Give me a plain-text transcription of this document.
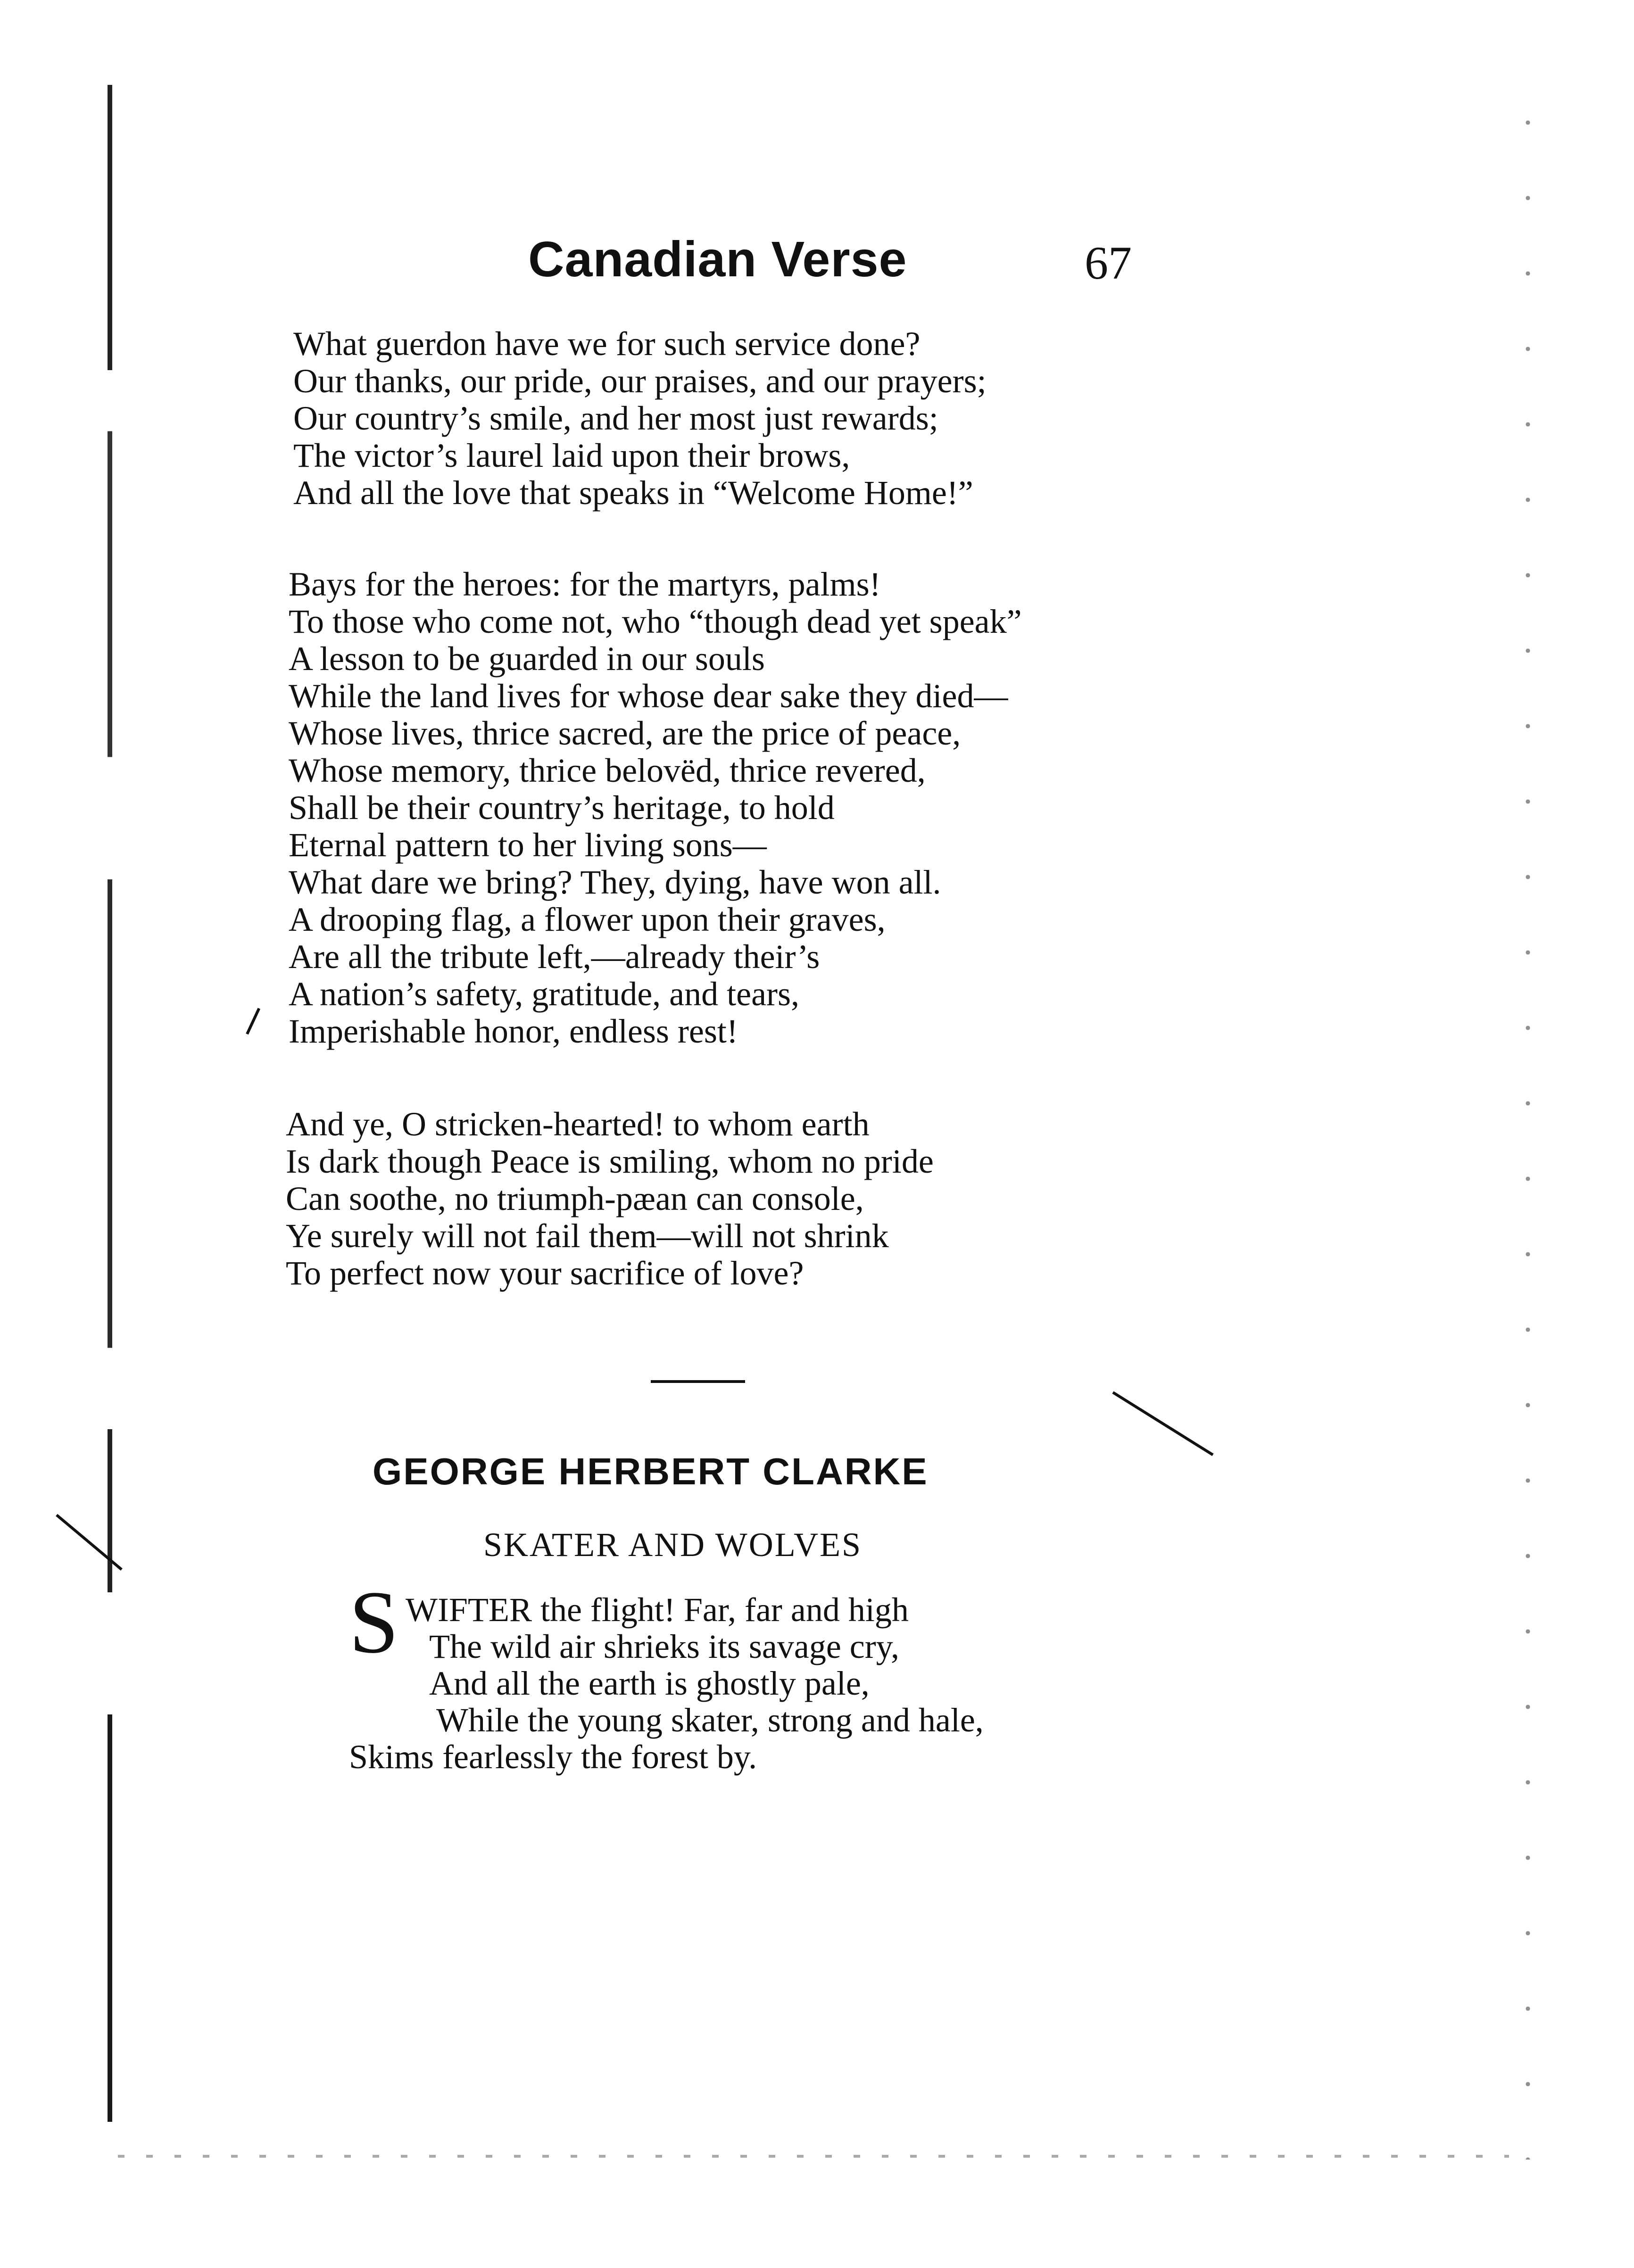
Canadian Verse	67
What guerdon have we for such service done?
Our thanks, our pride, our praises, and our prayers;
Our country’s smile, and her most just rewards;
The victor’s laurel laid upon their brows,
And all the love that speaks in “Welcome Home!”
Bays for the heroes: for the martyrs, palms!
To those who come not, who “though dead yet speak”
A lesson to be guarded in our souls
While the land lives for whose dear sake they died—
Whose lives, thrice sacred, are the price of peace,
Whose memory, thrice belovëd, thrice revered,
Shall be their country’s heritage, to hold
Eternal pattern to her living sons—
What dare we bring? They, dying, have won all.
A drooping flag, a flower upon their graves,
Are all the tribute left,—already their’s
A nation’s safety, gratitude, and tears,
Imperishable honor, endless rest!
And ye, O stricken-hearted! to whom earth
Is dark though Peace is smiling, whom no pride
Can soothe, no triumph-pæan can console,
Ye surely will not fail them—will not shrink
To perfect now your sacrifice of love?
GEORGE HERBERT CLARKE
SKATER AND WOLVES
S WIFTER the flight! Far, far and high
The wild air shrieks its savage cry,
And all the earth is ghostly pale,
While the young skater, strong and hale,
Skims fearlessly the forest by.
